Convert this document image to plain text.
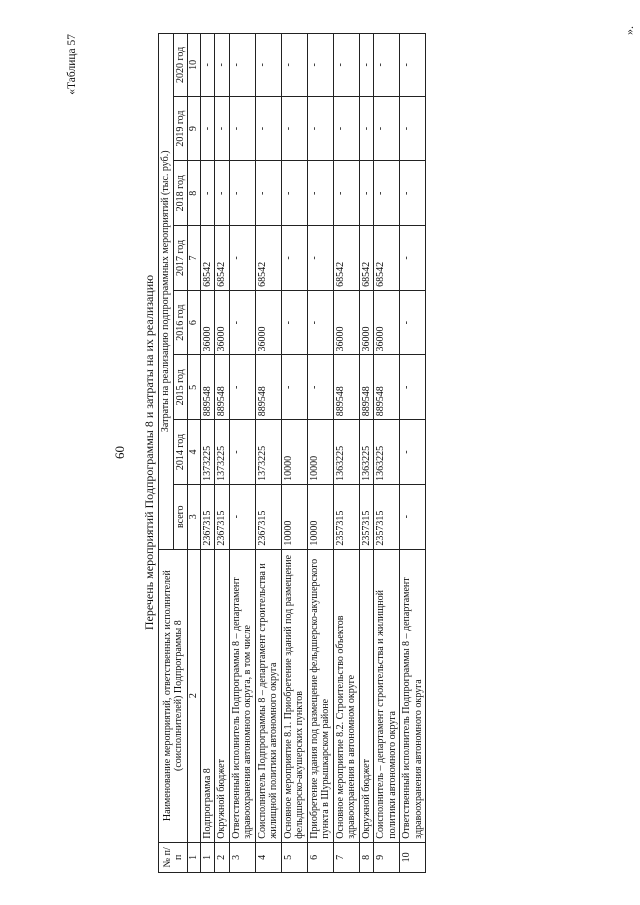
60
«Таблица 57
Перечень мероприятий Подпрограммы 8 и затраты на их реализацию
№ п/п	Наименование мероприятий, ответственных исполнителей (соисполнителей) Подпрограммы 8	Затраты на реализацию подпрограммных мероприятий (тыс. руб.)							
		всего	2014 год	2015 год	2016 год	2017 год	2018 год	2019 год	2020 год
1	2	3	4	5	6	7	8	9	10
1	Подпрограмма 8	2367315	1373225	889548	36000	68542	-	-	-
2	Окружной бюджет	2367315	1373225	889548	36000	68542	-	-	-
3	Ответственный исполнитель Подпрограммы 8 – департамент здравоохранения автономного округа, в том числе	-	-	-	-	-	-	-	-
4	Соисполнитель Подпрограммы 8 – департамент строительства и жилищной политики автономного округа	2367315	1373225	889548	36000	68542	-	-	-
5	Основное мероприятие 8.1. Приобретение зданий под размещение фельдшерско-акушерских пунктов	10000	10000	-	-	-	-	-	-
6	Приобретение здания под размещение фельдшерско-акушерского пункта в Шурышкарском районе	10000	10000	-	-	-	-	-	-
7	Основное мероприятие 8.2. Строительство объектов здравоохранения в автономном округе	2357315	1363225	889548	36000	68542	-	-	-
8	Окружной бюджет	2357315	1363225	889548	36000	68542	-	-	-
9	Соисполнитель – департамент строительства и жилищной политики автономного округа	2357315	1363225	889548	36000	68542	-	-	-
10	Ответственный исполнитель Подпрограммы 8 – департамент здравоохранения автономного округа	-	-	-	-	-	-	-	-
».
